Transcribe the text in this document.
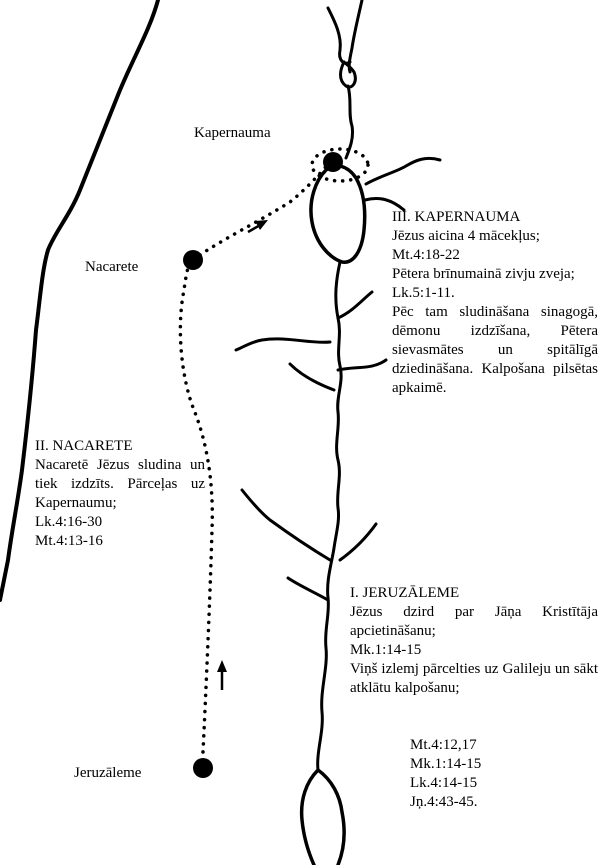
Kapernauma
Nacarete
Jeruzāleme
III. KAPERNAUMA
Jēzus aicina 4 mācekļus;
Mt.4:18-22
Pētera brīnumainā zivju zveja;
Lk.5:1-11.
Pēc tam sludināšana sinagogā, dēmonu izdzīšana, Pētera sievasmātes un spitālīgā dziedināšana. Kalpošana pilsētas apkaimē.
II. NACARETE
Nacaretē Jēzus sludina un tiek izdzīts. Pārceļas uz Kapernaumu;
Lk.4:16-30
Mt.4:13-16
I. JERUZĀLEME
Jēzus dzird par Jāņa Kristītāja apcietināšanu;
Mk.1:14-15
Viņš izlemj pārcelties uz Galileju un sākt atklātu kalpošanu;
Mt.4:12,17
Mk.1:14-15
Lk.4:14-15
Jņ.4:43-45.
